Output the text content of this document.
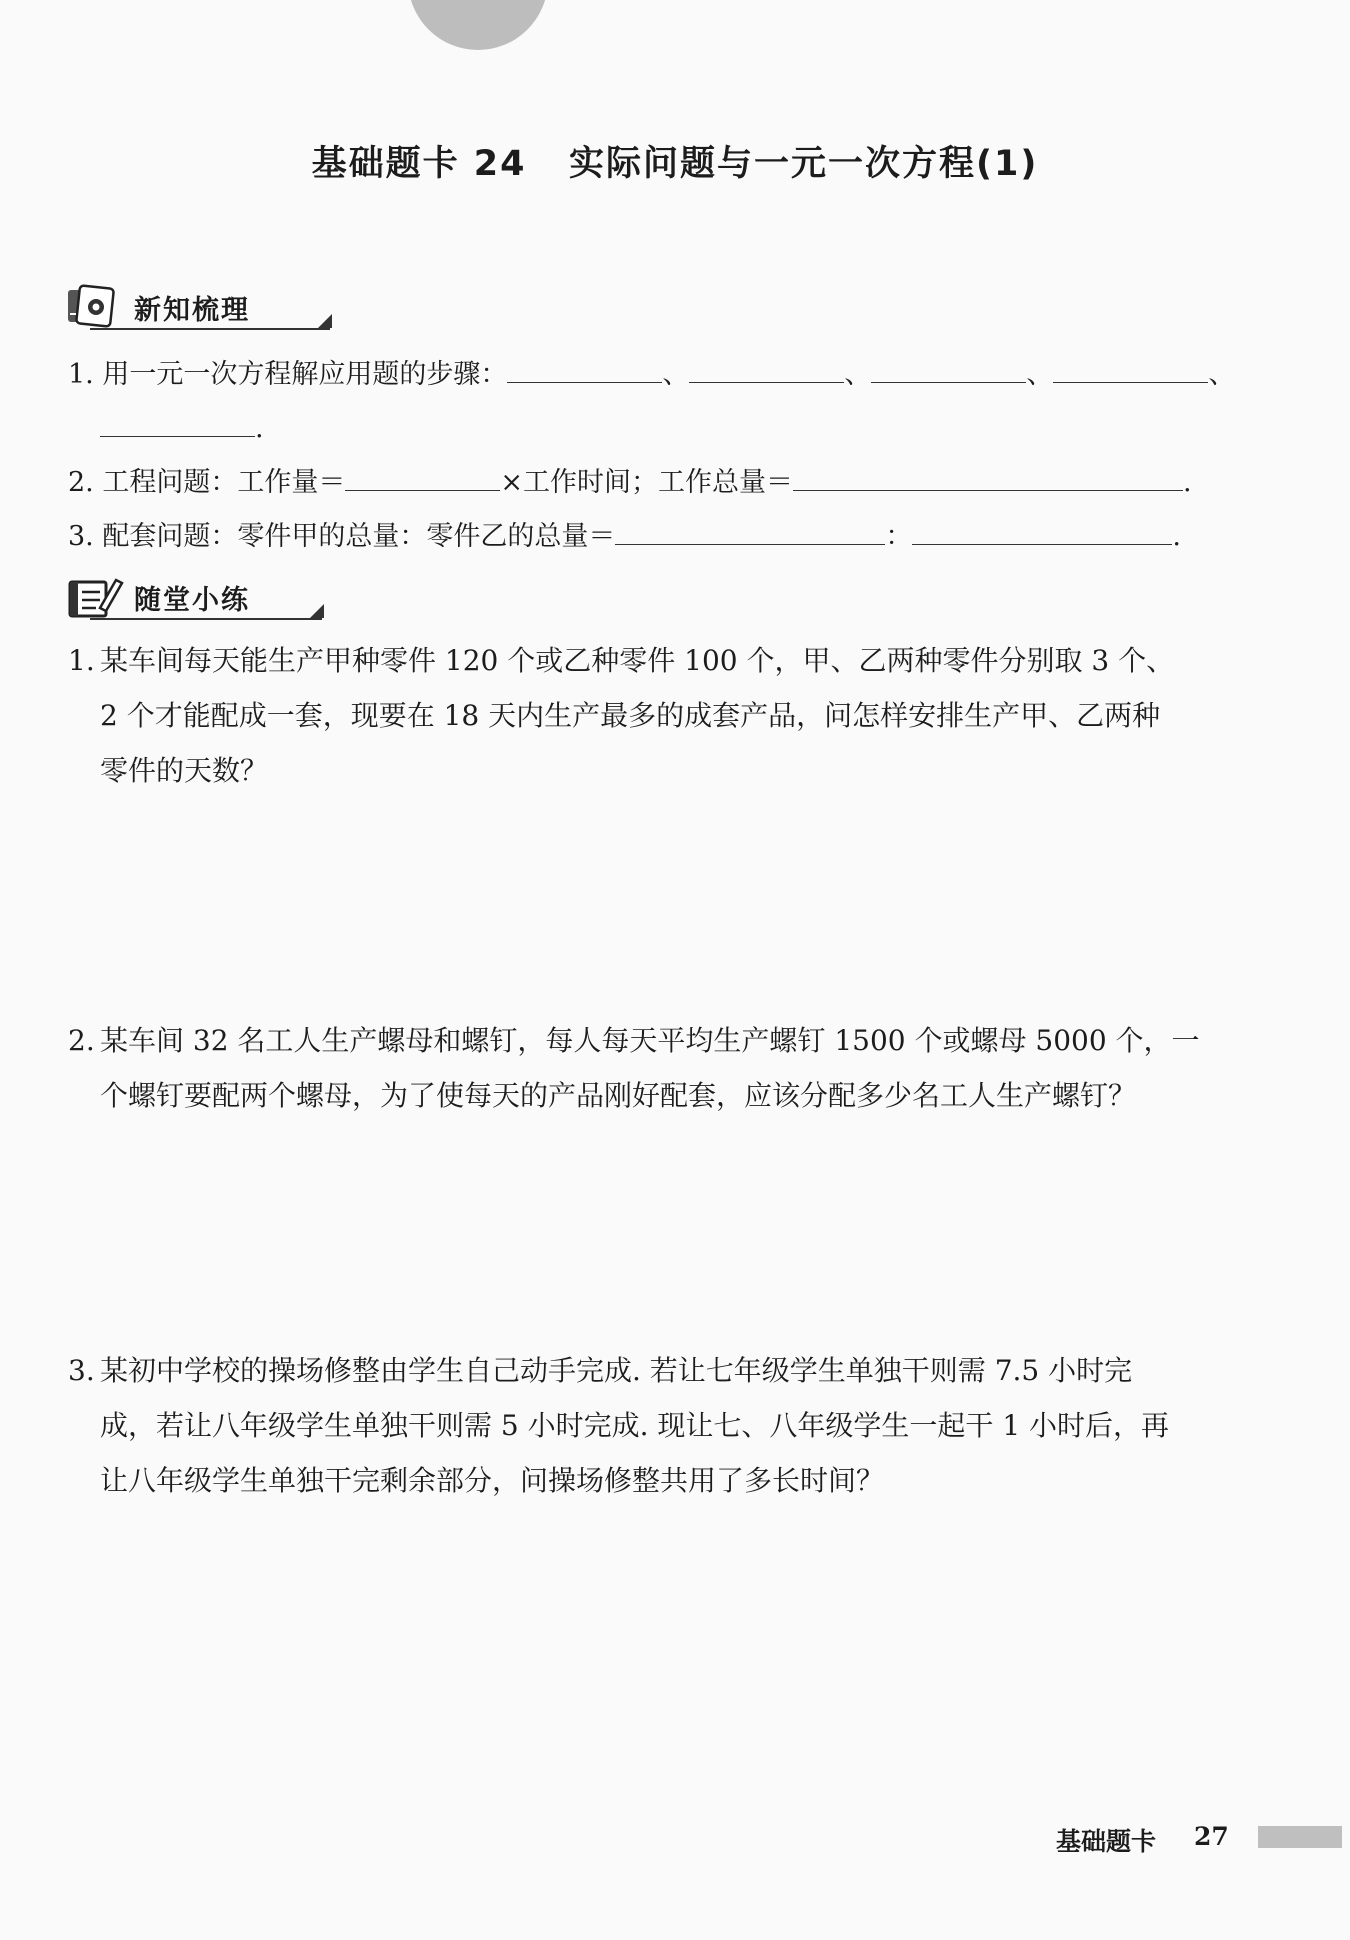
基础题卡 24   实际问题与一元一次方程(1)
新知梳理
1. 用一元一次方程解应用题的步骤：	、	、	、	、
.
2. 工程问题：工作量＝	×工作时间；工作总量＝	.
3. 配套问题：零件甲的总量：零件乙的总量＝	：	.
随堂小练
1. 某车间每天能生产甲种零件 120 个或乙种零件 100 个，甲、乙两种零件分别取 3 个、
2 个才能配成一套，现要在 18 天内生产最多的成套产品，问怎样安排生产甲、乙两种
零件的天数？
2. 某车间 32 名工人生产螺母和螺钉，每人每天平均生产螺钉 1500 个或螺母 5000 个，一
个螺钉要配两个螺母，为了使每天的产品刚好配套，应该分配多少名工人生产螺钉？
3. 某初中学校的操场修整由学生自己动手完成. 若让七年级学生单独干则需 7.5 小时完
成，若让八年级学生单独干则需 5 小时完成. 现让七、八年级学生一起干 1 小时后，再
让八年级学生单独干完剩余部分，问操场修整共用了多长时间？
基础题卡 27
